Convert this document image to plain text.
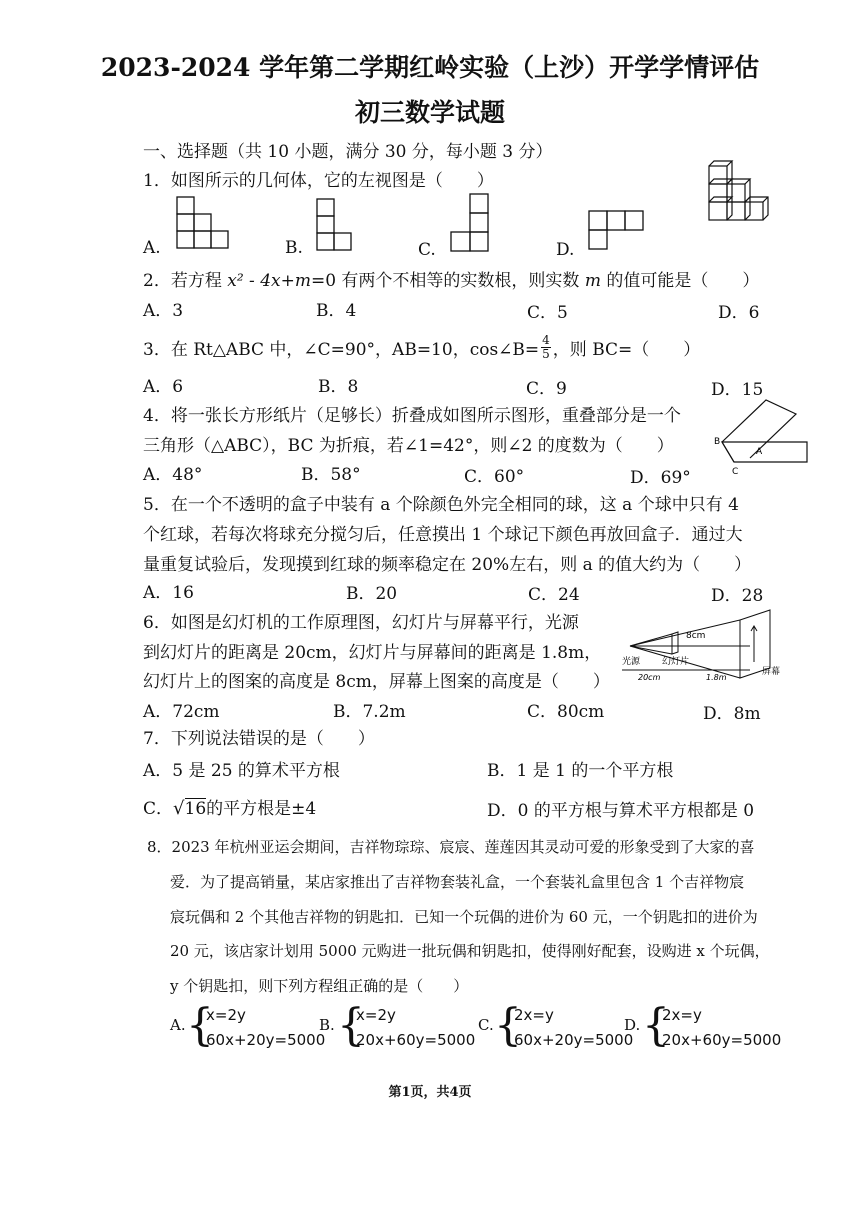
2023-2024 学年第二学期红岭实验（上沙）开学学情评估
初三数学试题
一、选择题（共 10 小题，满分 30 分，每小题 3 分）
1．如图所示的几何体，它的左视图是（　　）
A.	B.	C.	D.
2．若方程 x² - 4x+m=0 有两个不相等的实数根，则实数 m 的值可能是（　　）
A．3	B．4	C．5	D．6
3．在 Rt△ABC 中，∠C=90°，AB=10，cos∠B= $\frac{4}{5}$ ，则 BC=（　　）
A．6	B．8	C．9	D．15
4．将一张长方形纸片（足够长）折叠成如图所示图形，重叠部分是一个
三角形（△ABC），BC 为折痕，若∠1=42°，则∠2 的度数为（　　）
A．48°	B．58°	C．60°	D．69°
B
A
C
5．在一个不透明的盒子中装有 a 个除颜色外完全相同的球，这 a 个球中只有 4
个红球，若每次将球充分搅匀后，任意摸出 1 个球记下颜色再放回盒子．通过大
量重复试验后，发现摸到红球的频率稳定在 20%左右，则 a 的值大约为（　　）
A．16	B．20	C．24	D．28
6．如图是幻灯机的工作原理图，幻灯片与屏幕平行，光源
到幻灯片的距离是 20cm，幻灯片与屏幕间的距离是 1.8m，
幻灯片上的图案的高度是 8cm，屏幕上图案的高度是（　　）
8cm
光源 幻灯片
屏幕
20cm	1.8m
A．72cm	B．7.2m	C．80cm	D．8m
7．下列说法错误的是（　　）
A．5 是 25 的算术平方根	B．1 是 1 的一个平方根
C．√16的平方根是±4	D．0 的平方根与算术平方根都是 0
8．2023 年杭州亚运会期间，吉祥物琮琮、宸宸、莲莲因其灵动可爱的形象受到了大家的喜
爱．为了提高销量，某店家推出了吉祥物套装礼盒，一个套装礼盒里包含 1 个吉祥物宸
宸玩偶和 2 个其他吉祥物的钥匙扣．已知一个玩偶的进价为 60 元，一个钥匙扣的进价为
20 元，该店家计划用 5000 元购进一批玩偶和钥匙扣，使得刚好配套，设购进 x 个玩偶，
y 个钥匙扣，则下列方程组正确的是（　　）
A. {
x=2y
60x+20y=5000
B. {
x=2y
20x+60y=5000
C. {
2x=y
60x+20y=5000
D. {
2x=y
20x+60y=5000
第1页，共4页
